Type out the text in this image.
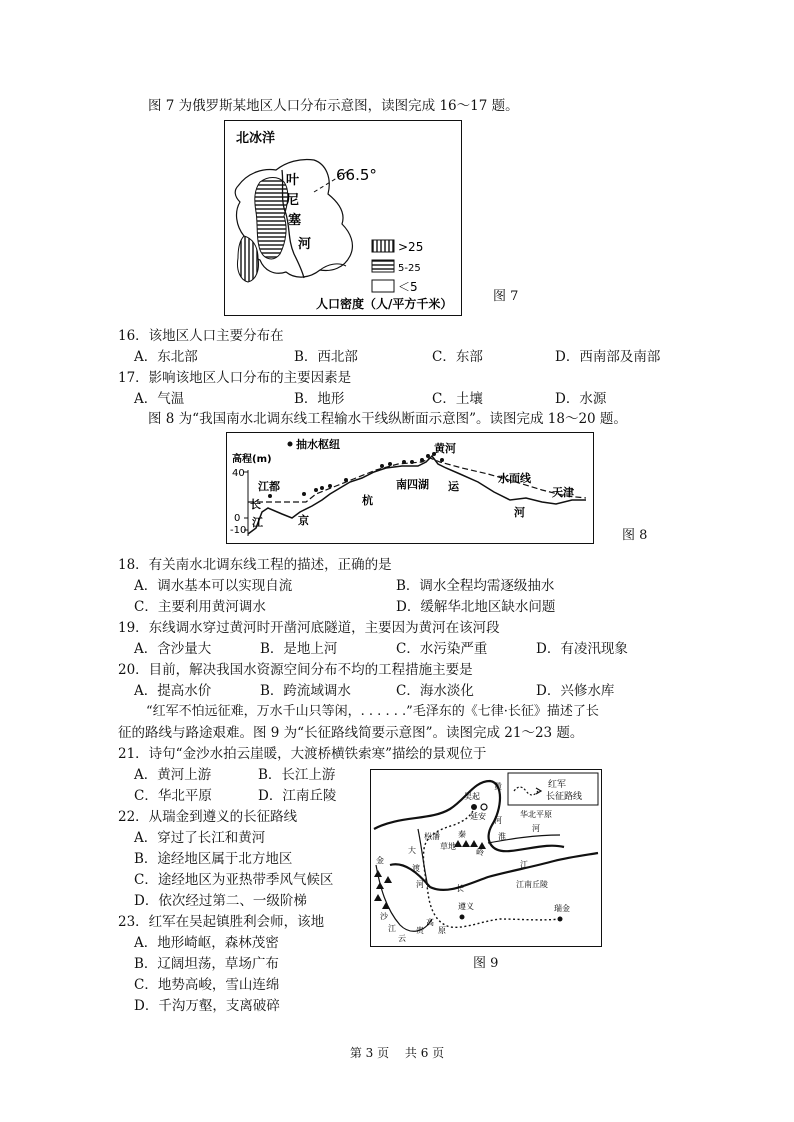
图 7 为俄罗斯某地区人口分布示意图，读图完成 16～17 题。
北冰洋
66.5°
叶
尼
塞
河	>25
5-25
＜5
人口密度（人/平方千米）	图 7
16．该地区人口主要分布在
A．东北部	B．西北部	C．东部	D．西南部及南部
17．影响该地区人口分布的主要因素是
A．气温	B．地形	C．土壤	D．水源
图 8 为“我国南水北调东线工程输水干线纵断面示意图”。读图完成 18～20 题。
抽水枢纽
高程(m)
40
0
-10
江都
长
江	京
杭
南四湖
黄河
运
水面线
河
天津
图 8
18．有关南水北调东线工程的描述，正确的是
A．调水基本可以实现自流	B．调水全程均需逐级抽水
C．主要利用黄河调水	D．缓解华北地区缺水问题
19．东线调水穿过黄河时开凿河底隧道，主要因为黄河在该河段
A．含沙量大	B．是地上河	C．水污染严重	D．有凌汛现象
20．目前，解决我国水资源空间分布不均的工程措施主要是
A．提高水价	B．跨流域调水	C．海水淡化	D．兴修水库
“红军不怕远征难，万水千山只等闲，. . . . . .”毛泽东的《七律·长征》描述了长
征的路线与路途艰难。图 9 为“长征路线简要示意图”。读图完成 21～23 题。
21．诗句“金沙水拍云崖暖，大渡桥横铁索寒”描绘的景观位于
A．黄河上游	B．长江上游
C．华北平原	D．江南丘陵
22．从瑞金到遵义的长征路线
A．穿过了长江和黄河
B．途经地区属于北方地区
C．途经地区为亚热带季风气候区
D．依次经过第二、一级阶梯
23．红军在吴起镇胜利会师，该地
A．地形崎岖，森林茂密
B．辽阔坦荡，草场广布
C．地势高峻，雪山连绵
D．千沟万壑，支离破碎
红军
长征路线
吴起
延安	华北平原
黄
河
秦
岭
淮
河
长
江
遵义
江南丘陵
瑞金
大
渡
河
金
沙
江
云
贵
高
原
松潘
草地
图 9
第 3 页 共 6 页
